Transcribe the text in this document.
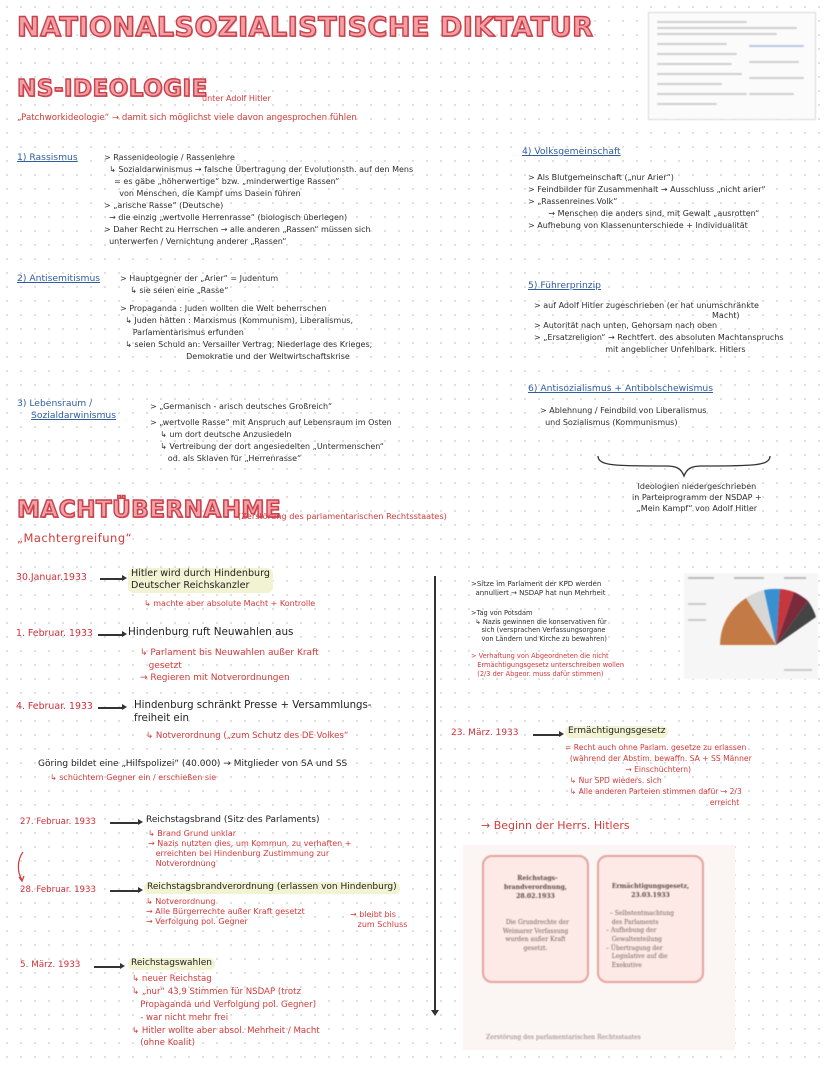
NATIONALSOZIALISTISCHE DIKTATUR
NS-IDEOLOGIE
unter Adolf Hitler
„Patchworkideologie“ → damit sich möglichst viele davon angesprochen fühlen
1) Rassismus	> Rassenideologie / Rassenlehre
↳ Sozialdarwinismus → falsche Übertragung der Evolutionsth. auf den Mens
= es gäbe „höherwertige“ bzw. „minderwertige Rassen“
von Menschen, die Kampf ums Dasein führen
> „arische Rasse“ (Deutsche)
→ die einzig „wertvolle Herrenrasse“ (biologisch überlegen)
> Daher Recht zu Herrschen → alle anderen „Rassen“ müssen sich
unterwerfen / Vernichtung anderer „Rassen“
2) Antisemitismus > Hauptgegner der „Arier“ = Judentum
↳ sie seien eine „Rasse“
> Propaganda : Juden wollten die Welt beherrschen
↳ Juden hätten : Marxismus (Kommunism), Liberalismus,
Parlamentarismus erfunden
↳ seien Schuld an: Versailler Vertrag, Niederlage des Krieges,
Demokratie und der Weltwirtschaftskrise
3) Lebensraum /
Sozialdarwinismus
> „Germanisch - arisch deutsches Großreich“
> „wertvolle Rasse“ mit Anspruch auf Lebensraum im Osten
↳ um dort deutsche Anzusiedeln
↳ Vertreibung der dort angesiedelten „Untermenschen“
od. als Sklaven für „Herrenrasse“
4) Volksgemeinschaft
> Als Blutgemeinschaft („nur Arier“)
> Feindbilder für Zusammenhalt → Ausschluss „nicht arier“
> „Rassenreines Volk“
→ Menschen die anders sind, mit Gewalt „ausrotten“
> Aufhebung von Klassenunterschiede + Individualität
5) Führerprinzip
> auf Adolf Hitler zugeschrieben (er hat unumschränkte
Macht)
> Autorität nach unten, Gehorsam nach oben
> „Ersatzreligion“ → Rechtfert. des absoluten Machtanspruchs
mit angeblicher Unfehlbark. Hitlers
6) Antisozialismus + Antibolschewismus
> Ablehnung / Feindbild von Liberalismus
und Sozialismus (Kommunismus)
Ideologien niedergeschrieben
in Parteiprogramm der NSDAP +
„Mein Kampf“ von Adolf Hitler
MACHTÜBERNAHME
(Zerstörung des parlamentarischen Rechtsstaates)
„Machtergreifung“
30.Januar.1933	Hitler wird durch Hindenburg
Deutscher Reichskanzler
↳ machte aber absolute Macht + Kontrolle
1. Februar. 1933	Hindenburg ruft Neuwahlen aus
↳ Parlament bis Neuwahlen außer Kraft
gesetzt
→ Regieren mit Notverordnungen
4. Februar. 1933	Hindenburg schränkt Presse + Versammlungs-
freiheit ein
↳ Notverordnung („zum Schutz des DE Volkes“
Göring bildet eine „Hilfspolizei“ (40.000) → Mitglieder von SA und SS
↳ schüchtern Gegner ein / erschießen sie
27. Februar. 1933	Reichstagsbrand (Sitz des Parlaments)
↳ Brand Grund unklar
→ Nazis nutzten dies, um Kommun. zu verhaften +
erreichten bei Hindenburg Zustimmung zur
Notverordnung
28. Februar. 1933	Reichstagsbrandverordnung (erlassen von Hindenburg)
↳ Notverordnung
→ Alle Bürgerrechte außer Kraft gesetzt
→ Verfolgung pol. Gegner
→ bleibt bis
zum Schluss
5. März. 1933	Reichstagswahlen
↳ neuer Reichstag
↳ „nur“ 43,9 Stimmen für NSDAP (trotz
Propaganda und Verfolgung pol. Gegner)
- war nicht mehr frei
↳ Hitler wollte aber absol. Mehrheit / Macht
(ohne Koalit)
>Sitze im Parlament der KPD werden
annulliert → NSDAP hat nun Mehrheit
>Tag von Potsdam
↳ Nazis gewinnen die konservativen für
sich (versprachen Verfassungsorgane
von Ländern und Kirche zu bewahren)
> Verhaftung von Abgeordneten die nicht
Ermächtigungsgesetz unterschreiben wollen
(2/3 der Abgeor. muss dafür stimmen)
23. März. 1933	Ermächtigungsgesetz
= Recht auch ohne Parlam. gesetze zu erlassen
(während der Abstim. bewaffn. SA + SS Männer
→ Einschüchtern)
↳ Nur SPD wieders. sich
↳ Alle anderen Parteien stimmen dafür → 2/3
erreicht
→ Beginn der Herrs. Hitlers

Reichstags-
brandverordnung,
28.02.1933

Die Grundrechte der
Weimarer Verfassung
wurden außer Kraft
gesetzt.

Ermächtigungsgesetz,
23.03.1933

– Selbstentmachtung
des Parlaments
– Aufhebung der
Gewaltenteilung
– Übertragung der
Legislative auf die
Exekutive

Zerstörung des parlamentarischen Rechtsstaates
